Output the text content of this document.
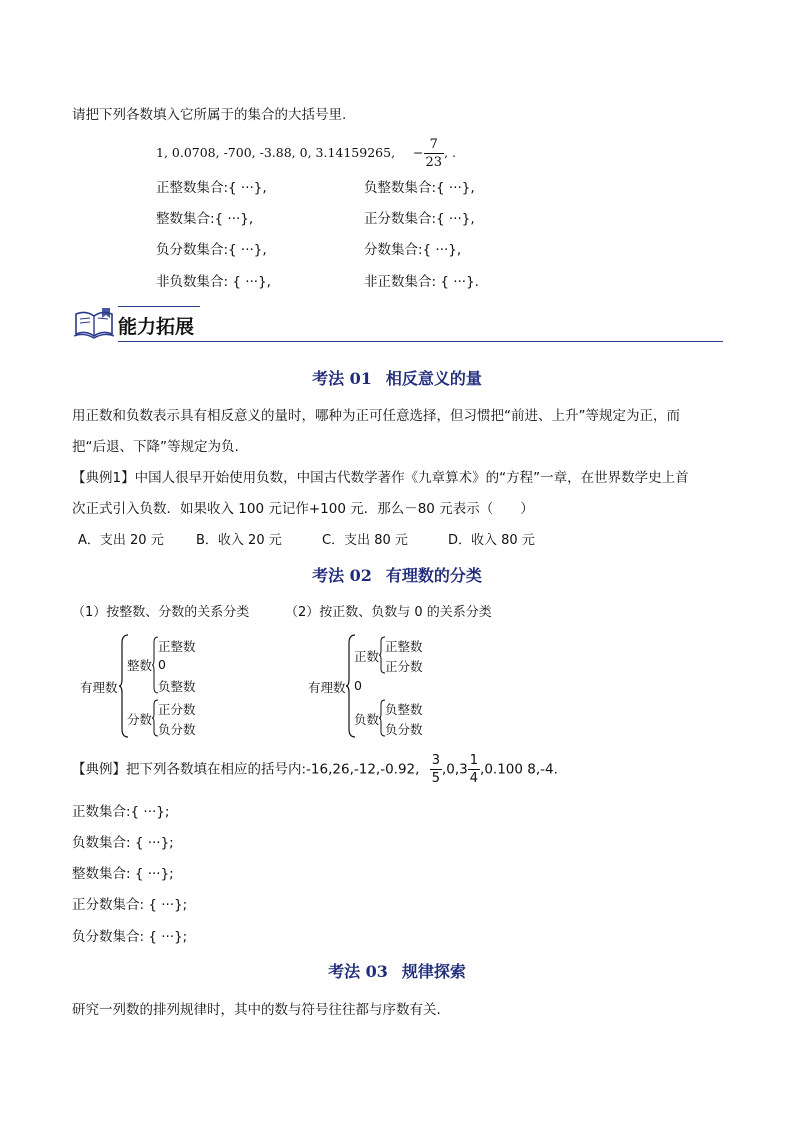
请把下列各数填入它所属于的集合的大括号里.
1, 0.0708, -700, -3.88, 0, 3.14159265, − $\frac{7}{23}$ , .
正整数集合:{ ···},	负整数集合:{ ···},
整数集合:{ ···},	正分数集合:{ ···},
负分数集合:{ ···},	分数集合:{ ···},
非负数集合: { ···},	非正数集合: { ···}.
能力拓展
考法 01 相反意义的量
用正数和负数表示具有相反意义的量时，哪种为正可任意选择，但习惯把“前进、上升”等规定为正，而
把“后退、下降”等规定为负.
【典例1】中国人很早开始使用负数，中国古代数学著作《九章算术》的“方程”一章，在世界数学史上首
次正式引入负数．如果收入 100 元记作+100 元．那么－80 元表示（　　）
A．支出 20 元 B．收入 20 元	C．支出 80 元	D．收入 80 元
考法 02 有理数的分类
（1）按整数、分数的关系分类	（2）按正数、负数与 0 的关系分类
有理数
整数
正整数
0
负整数
分数
正分数
负分数
有理数
正数
正整数
正分数
0
负数
负整数
负分数
【典例】把下列各数填在相应的括号内:-16,26,-12,-0.92, $\frac{3}{5} ,0,3 \frac{1}{4} ,0.100$ 8,-4.
正数集合:{ ···};
负数集合: { ···};
整数集合: { ···};
正分数集合: { ···};
负分数集合: { ···};
考法 03 规律探索
研究一列数的排列规律时，其中的数与符号往往都与序数有关.
